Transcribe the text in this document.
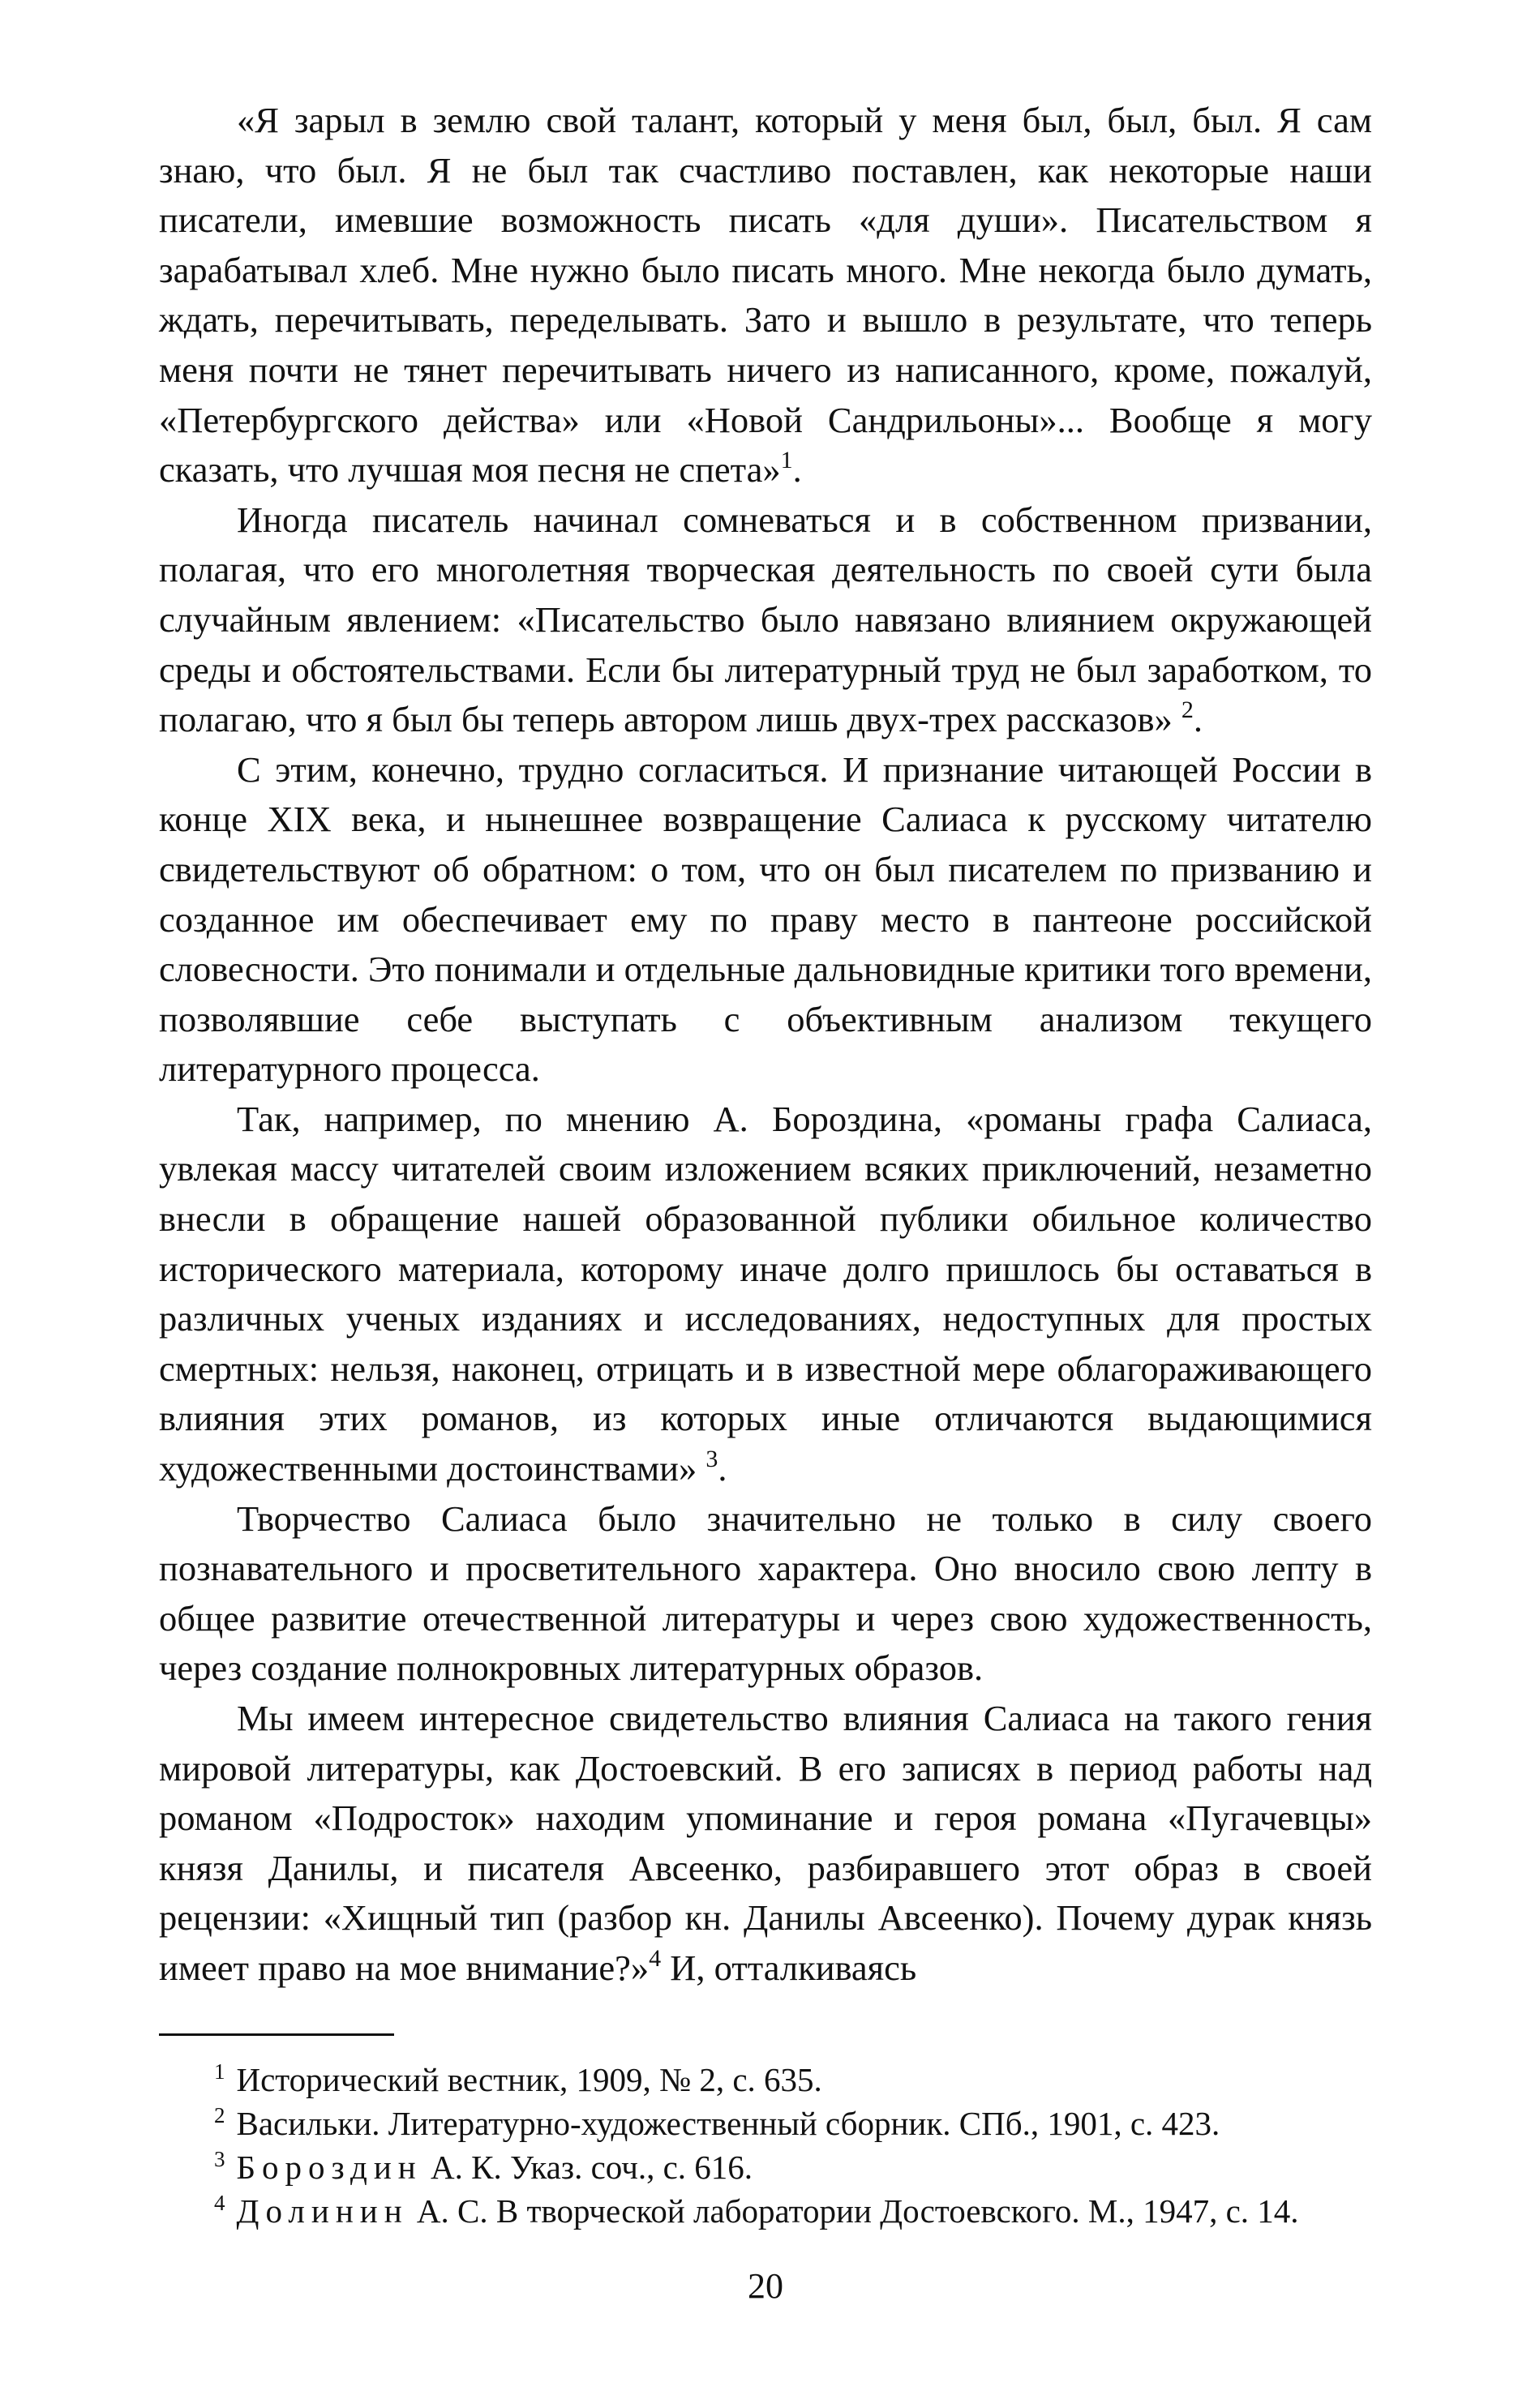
«Я зарыл в землю свой талант, который у меня был, был, был. Я сам знаю, что был. Я не был так счастливо поставлен, как некоторые наши писатели, имевшие возможность писать «для души». Писательством я зарабатывал хлеб. Мне нужно было писать много. Мне некогда было думать, ждать, перечитывать, переделывать. Зато и вышло в результате, что теперь меня почти не тянет перечитывать ничего из написанного, кроме, пожалуй, «Петербургского действа» или «Новой Сандрильоны»... Вообще я могу сказать, что лучшая моя песня не спета»$^1$.

Иногда писатель начинал сомневаться и в собственном призвании, полагая, что его многолетняя творческая деятельность по своей сути была случайным явлением: «Писательство было навязано влиянием окружающей среды и обстоятельствами. Если бы литературный труд не был заработком, то полагаю, что я был бы теперь автором лишь двух-трех рассказов» $^2$.

С этим, конечно, трудно согласиться. И признание читающей России в конце XIX века, и нынешнее возвращение Салиаса к русскому читателю свидетельствуют об обратном: о том, что он был писателем по призванию и созданное им обеспечивает ему по праву место в пантеоне российской словесности. Это понимали и отдельные дальновидные критики того времени, позволявшие себе выступать с объективным анализом текущего литературного процесса.

Так, например, по мнению А. Бороздина, «романы графа Салиаса, увлекая массу читателей своим изложением всяких приключений, незаметно внесли в обращение нашей образованной публики обильное количество исторического материала, которому иначе долго пришлось бы оставаться в различных ученых изданиях и исследованиях, недоступных для простых смертных: нельзя, наконец, отрицать и в известной мере облагораживающего влияния этих романов, из которых иные отличаются выдающимися художественными достоинствами» $^3$.

Творчество Салиаса было значительно не только в силу своего познавательного и просветительного характера. Оно вносило свою лепту в общее развитие отечественной литературы и через свою художественность, через создание полнокровных литературных образов.

Мы имеем интересное свидетельство влияния Салиаса на такого гения мировой литературы, как Достоевский. В его записях в период работы над романом «Подросток» находим упоминание и героя романа «Пугачевцы» князя Данилы, и писателя Авсеенко, разбиравшего этот образ в своей рецензии: «Хищный тип (разбор кн. Данилы Авсеенко). Почему дурак князь имеет право на мое внимание?»$^4$ И, отталкиваясь

$^1$ Исторический вестник, 1909, № 2, с. 635.

$^2$ Васильки. Литературно-художественный сборник. СПб., 1901, с. 423.

$^3$ Бороздин А. К. Указ. соч., с. 616.

$^4$ Долинин А. С. В творческой лаборатории Достоевского. М., 1947, с. 14.

20
